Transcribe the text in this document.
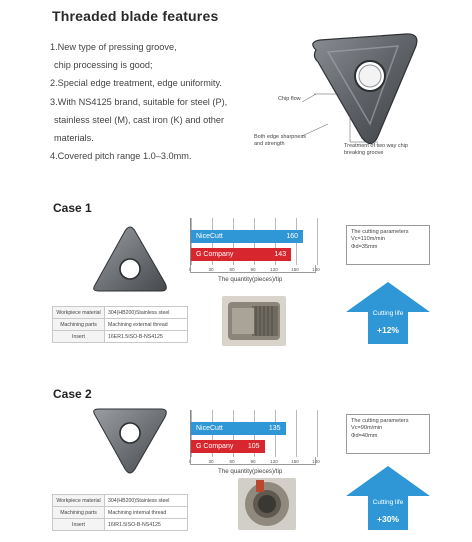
Threaded blade features
1.New type of pressing groove,
chip processing is good;
2.Special edge treatment, edge uniformity.
3.With NS4125 brand, suitable for steel (P),
stainless steel (M), cast iron (K) and other
materials.
4.Covered pitch range 1.0–3.0mm.
Chip flow
Both edge sharpness
and strength	Treatment of two way chip
breaking groove
Case 1
Workpiece material	304(HB200)Stainless steel
Machining parts	Machining external thread
Insert	16ER1.5ISO-B-NS4125
NiceCutt	160
G Company	143
0	30	60	90	120	150	180
The quantity(pieces)/tip
The cutting parameters
Vc=110m/min
Φd=35mm
Cutting life
+12%
Case 2
Workpiece material	304(HB200)Stainless steel
Machining parts	Machining internal thread
Insert	16IR1.5ISO-B-NS4125
NiceCutt	135
G Company 105
0	30	60	90	120	150	180
The quantity(pieces)/tip
The cutting parameters
Vc=90m/min
Φd=40mm
Cutting life
+30%
